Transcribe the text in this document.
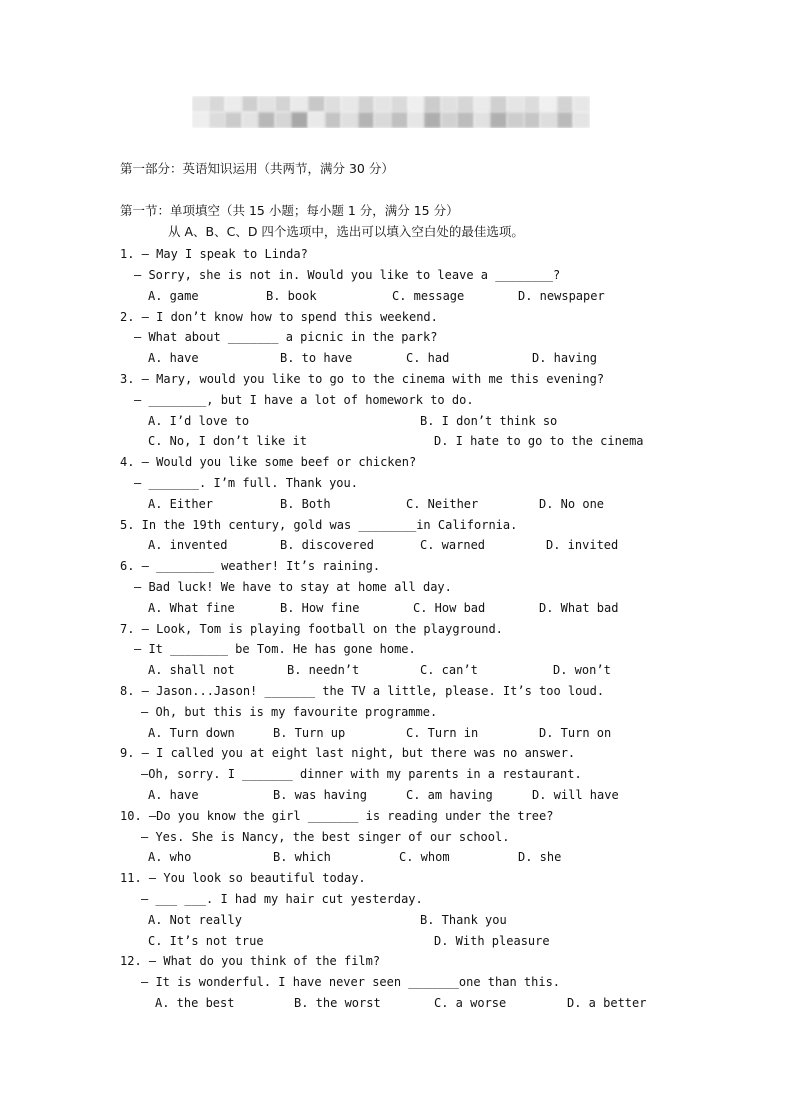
第一部分：英语知识运用（共两节，满分 30 分）
第一节：单项填空（共 15 小题；每小题 1 分，满分 15 分）
从 A、B、C、D 四个选项中，选出可以填入空白处的最佳选项。
1. — May I speak to Linda?
— Sorry, she is not in. Would you like to leave a ________?
A. game	B. book	C. message	D. newspaper
2. — I don’t know how to spend this weekend.
— What about _______ a picnic in the park?
A. have	B. to have	C. had	D. having
3. — Mary, would you like to go to the cinema with me this evening?
— ________, but I have a lot of homework to do.
A. I’d love to	B. I don’t think so
C. No, I don’t like it	D. I hate to go to the cinema
4. — Would you like some beef or chicken?
— _______. I’m full. Thank you.
A. Either	B. Both	C. Neither	D. No one
5. In the 19th century, gold was ________in California.
A. invented	B. discovered	C. warned	D. invited
6. — ________ weather! It’s raining.
— Bad luck! We have to stay at home all day.
A. What fine	B. How fine	C. How bad	D. What bad
7. — Look, Tom is playing football on the playground.
— It ________ be Tom. He has gone home.
A. shall not	B. needn’t	C. can’t	D. won’t
8. — Jason...Jason! _______ the TV a little, please. It’s too loud.
— Oh, but this is my favourite programme.
A. Turn down	B. Turn up	C. Turn in	D. Turn on
9. — I called you at eight last night, but there was no answer.
—Oh, sorry. I _______ dinner with my parents in a restaurant.
A. have	B. was having	C. am having	D. will have
10. —Do you know the girl _______ is reading under the tree?
— Yes. She is Nancy, the best singer of our school.
A. who	B. which	C. whom	D. she
11. — You look so beautiful today.
— ___ ___. I had my hair cut yesterday.
A. Not really	B. Thank you
C. It’s not true	D. With pleasure
12. — What do you think of the film?
— It is wonderful. I have never seen _______one than this.
A. the best	B. the worst	C. a worse	D. a better
